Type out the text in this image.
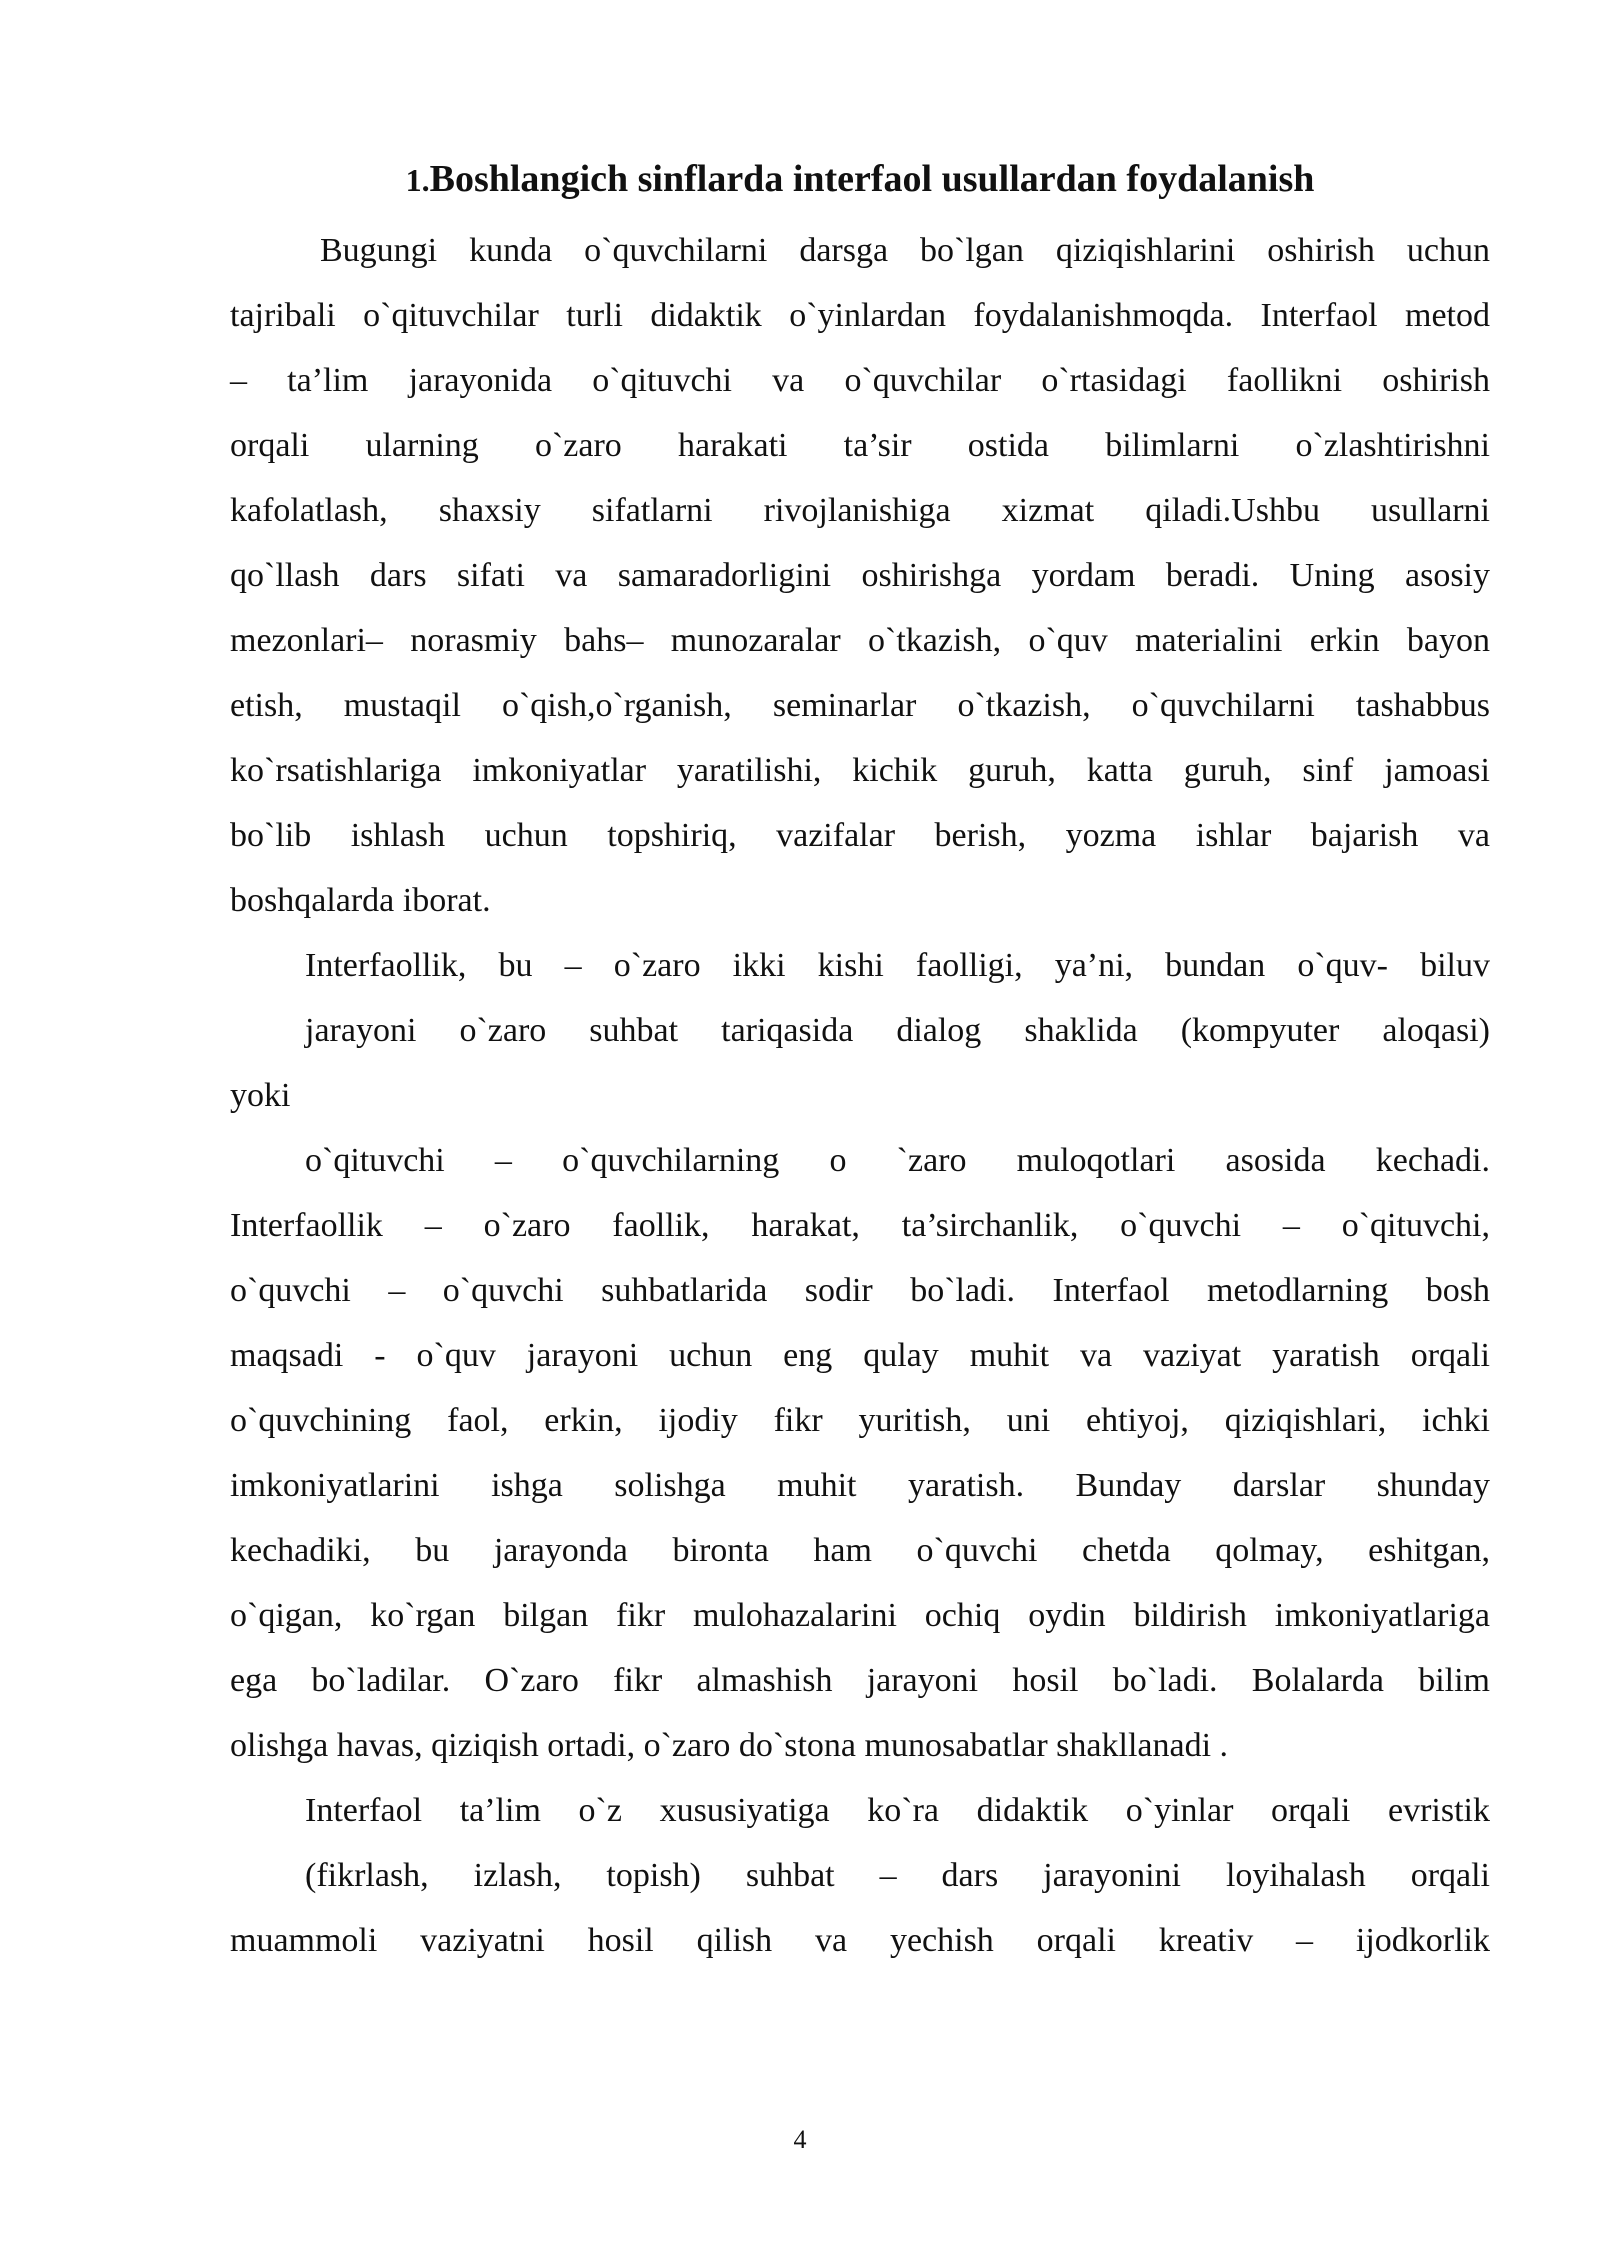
1.Boshlangich sinflarda interfaol usullardan foydalanish
Bugungi kunda o`quvchilarni darsga bo`lgan qiziqishlarini oshirish uchun
tajribali o`qituvchilar turli didaktik o`yinlardan foydalanishmoqda. Interfaol metod
– ta’lim jarayonida o`qituvchi va o`quvchilar o`rtasidagi faollikni oshirish
orqali ularning o`zaro harakati ta’sir ostida bilimlarni o`zlashtirishni
kafolatlash, shaxsiy sifatlarni rivojlanishiga xizmat qiladi.Ushbu usullarni
qo`llash dars sifati va samaradorligini oshirishga yordam beradi. Uning asosiy
mezonlari– norasmiy bahs– munozaralar o`tkazish, o`quv materialini erkin bayon
etish, mustaqil o`qish,o`rganish, seminarlar o`tkazish, o`quvchilarni tashabbus
ko`rsatishlariga imkoniyatlar yaratilishi, kichik guruh, katta guruh, sinf jamoasi
bo`lib ishlash uchun topshiriq, vazifalar berish, yozma ishlar bajarish va
boshqalarda iborat.
Interfaollik, bu – o`zaro ikki kishi faolligi, ya’ni, bundan o`quv- biluv
jarayoni o`zaro suhbat tariqasida dialog shaklida (kompyuter aloqasi)
yoki
o`qituvchi – o`quvchilarning o `zaro muloqotlari asosida kechadi.
Interfaollik – o`zaro faollik, harakat, ta’sirchanlik, o`quvchi – o`qituvchi,
o`quvchi – o`quvchi suhbatlarida sodir bo`ladi. Interfaol metodlarning bosh
maqsadi - o`quv jarayoni uchun eng qulay muhit va vaziyat yaratish orqali
o`quvchining faol, erkin, ijodiy fikr yuritish, uni ehtiyoj, qiziqishlari, ichki
imkoniyatlarini ishga solishga muhit yaratish. Bunday darslar shunday
kechadiki, bu jarayonda bironta ham o`quvchi chetda qolmay, eshitgan,
o`qigan, ko`rgan bilgan fikr mulohazalarini ochiq oydin bildirish imkoniyatlariga
ega bo`ladilar. O`zaro fikr almashish jarayoni hosil bo`ladi. Bolalarda bilim
olishga havas, qiziqish ortadi, o`zaro do`stona munosabatlar shakllanadi .
Interfaol ta’lim o`z xususiyatiga ko`ra didaktik o`yinlar orqali evristik
(fikrlash, izlash, topish) suhbat – dars jarayonini loyihalash orqali
muammoli vaziyatni hosil qilish va yechish orqali kreativ – ijodkorlik
4
